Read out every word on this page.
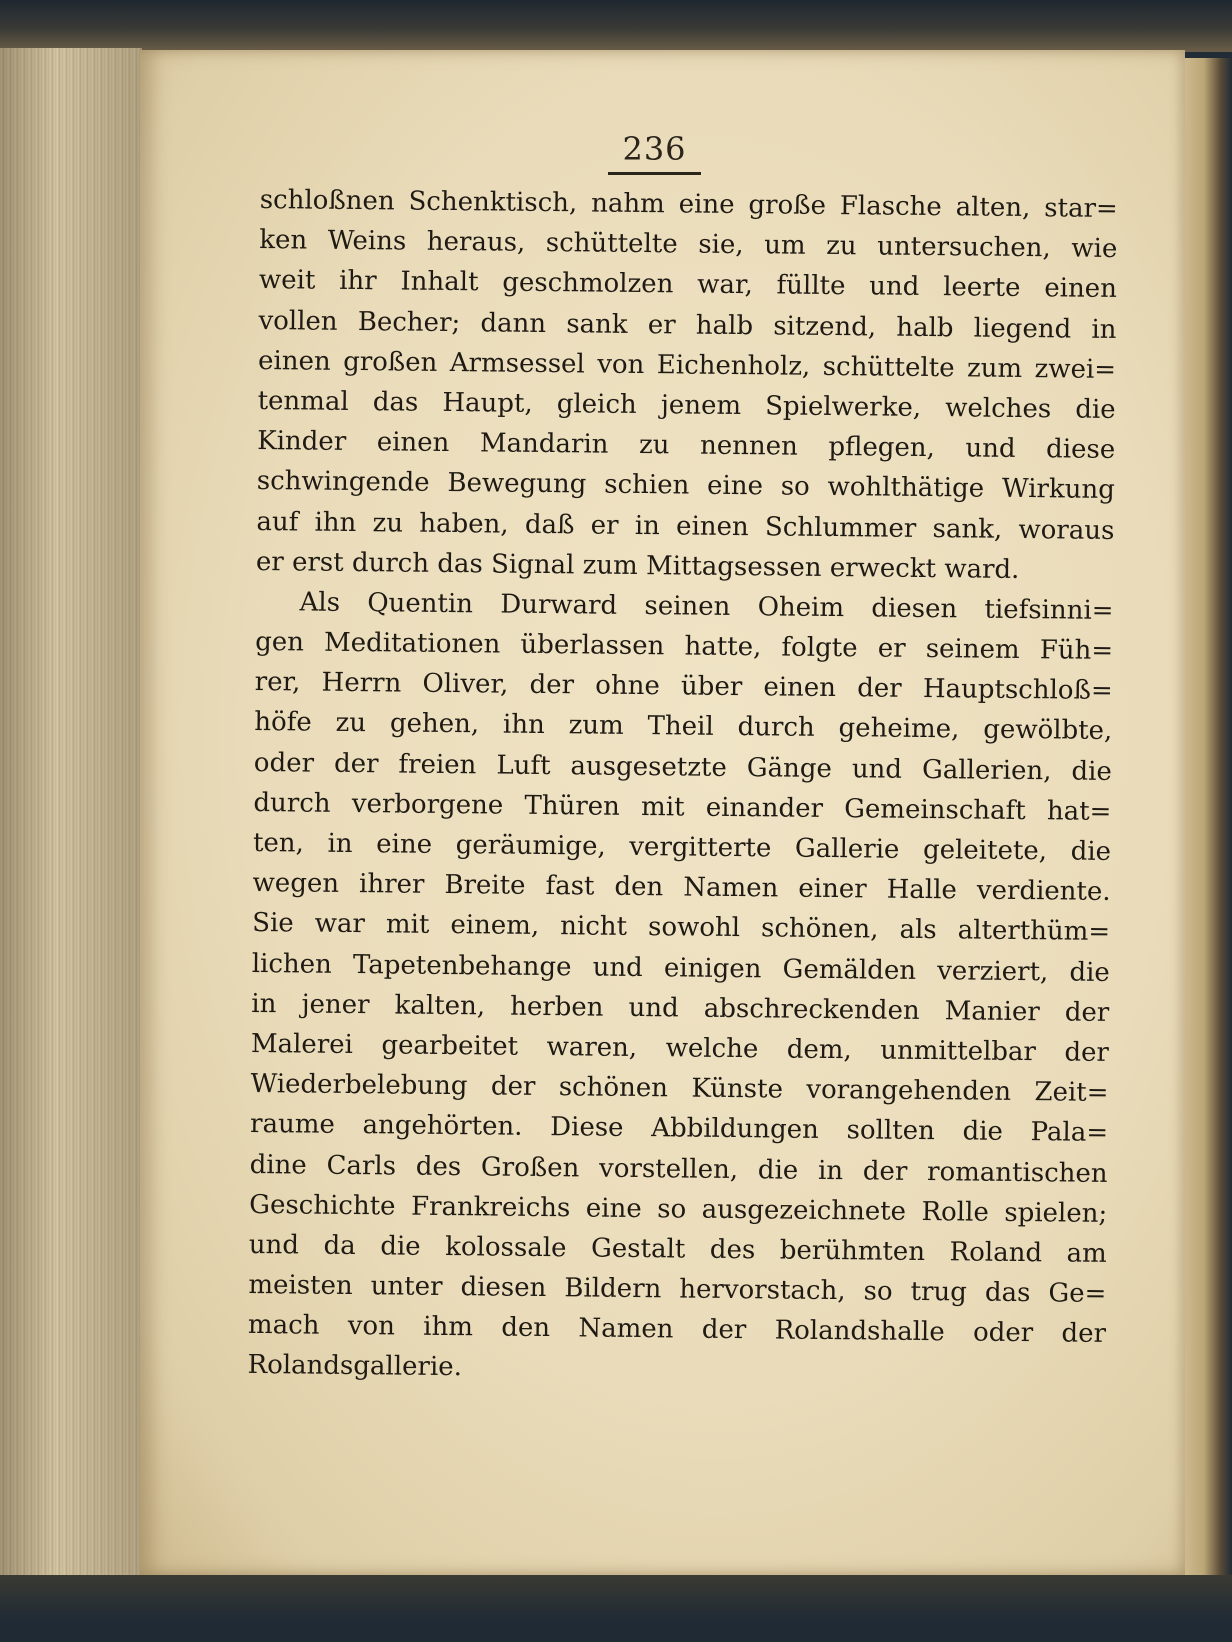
236
schloßnen Schenktisch, nahm eine große Flasche alten, star=
ken Weins heraus, schüttelte sie, um zu untersuchen, wie
weit ihr Inhalt geschmolzen war, füllte und leerte einen
vollen Becher; dann sank er halb sitzend, halb liegend in
einen großen Armsessel von Eichenholz, schüttelte zum zwei=
tenmal das Haupt, gleich jenem Spielwerke, welches die
Kinder einen Mandarin zu nennen pflegen, und diese
schwingende Bewegung schien eine so wohlthätige Wirkung
auf ihn zu haben, daß er in einen Schlummer sank, woraus
er erst durch das Signal zum Mittagsessen erweckt ward.
Als Quentin Durward seinen Oheim diesen tiefsinni=
gen Meditationen überlassen hatte, folgte er seinem Füh=
rer, Herrn Oliver, der ohne über einen der Hauptschloß=
höfe zu gehen, ihn zum Theil durch geheime, gewölbte,
oder der freien Luft ausgesetzte Gänge und Gallerien, die
durch verborgene Thüren mit einander Gemeinschaft hat=
ten, in eine geräumige, vergitterte Gallerie geleitete, die
wegen ihrer Breite fast den Namen einer Halle verdiente.
Sie war mit einem, nicht sowohl schönen, als alterthüm=
lichen Tapetenbehange und einigen Gemälden verziert, die
in jener kalten, herben und abschreckenden Manier der
Malerei gearbeitet waren, welche dem, unmittelbar der
Wiederbelebung der schönen Künste vorangehenden Zeit=
raume angehörten. Diese Abbildungen sollten die Pala=
dine Carls des Großen vorstellen, die in der romantischen
Geschichte Frankreichs eine so ausgezeichnete Rolle spielen;
und da die kolossale Gestalt des berühmten Roland am
meisten unter diesen Bildern hervorstach, so trug das Ge=
mach von ihm den Namen der Rolandshalle oder der
Rolandsgallerie.
